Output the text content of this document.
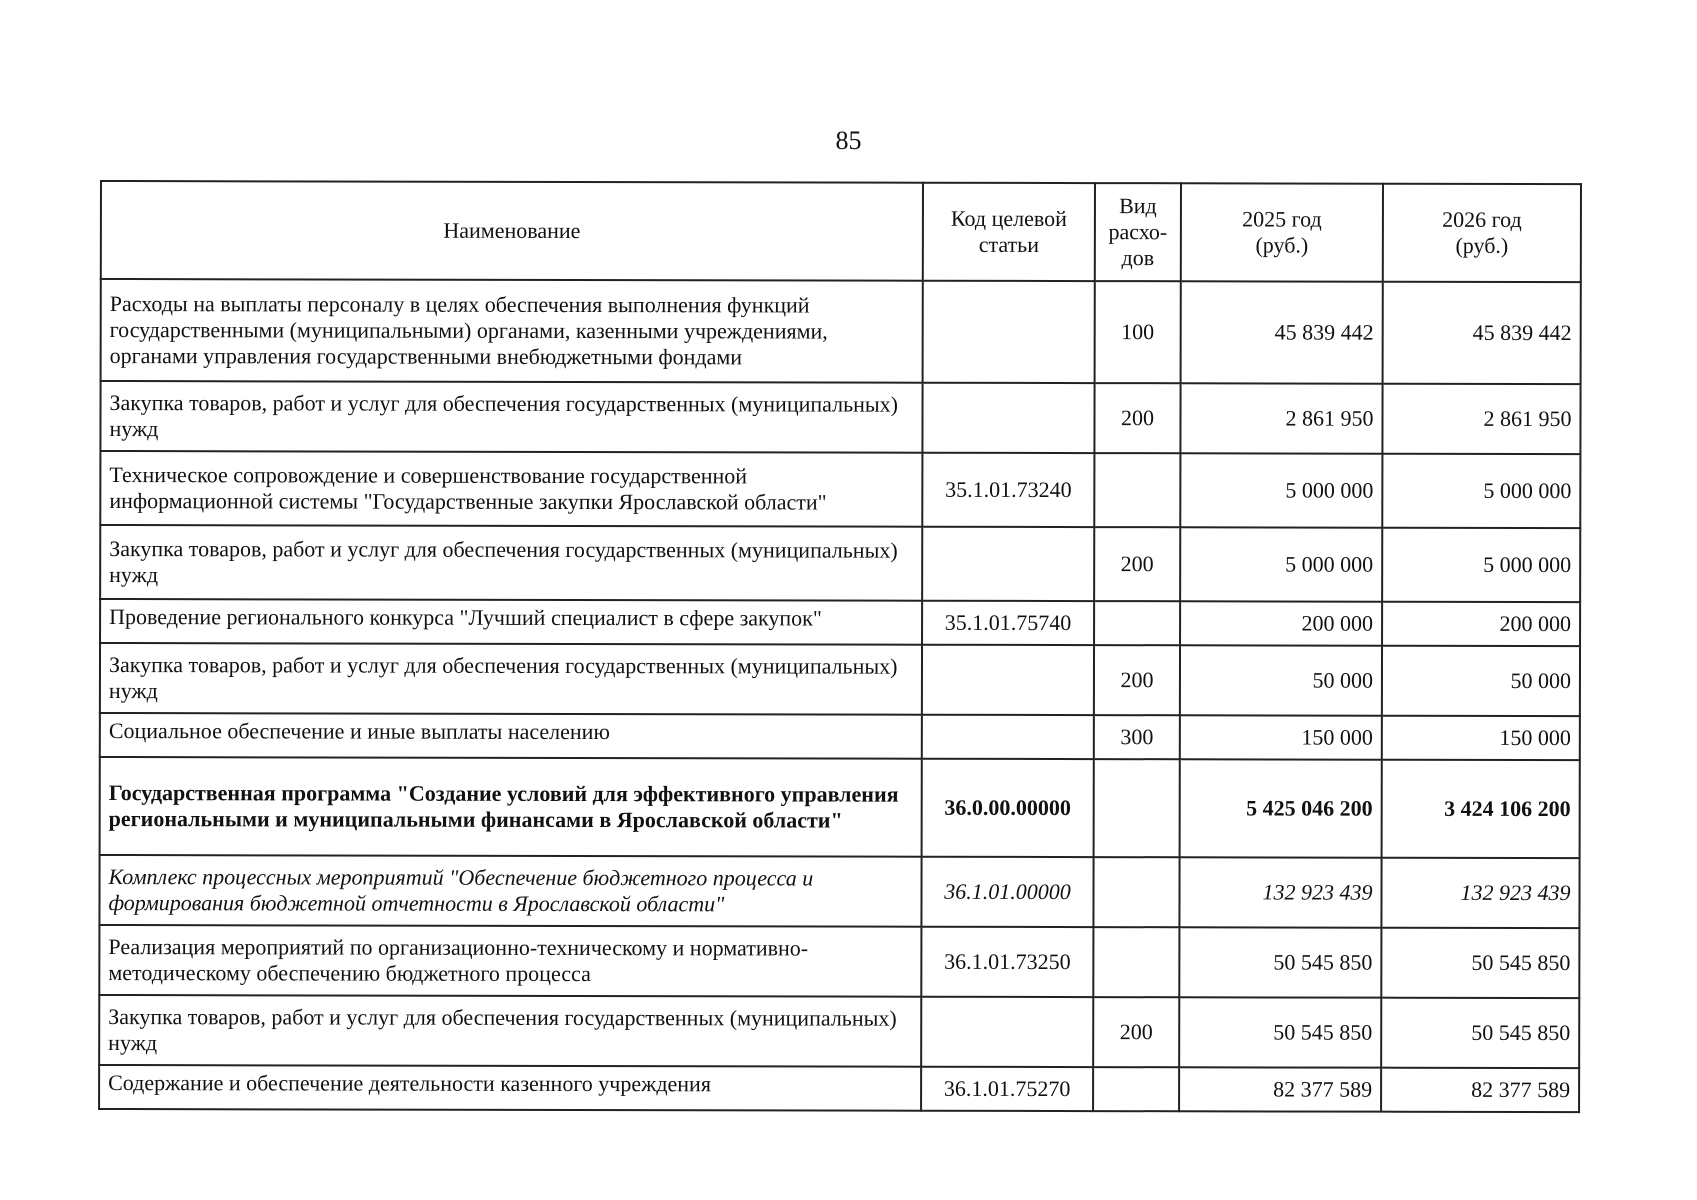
85
Наименование	Код целевой статьи	Вид расхо-дов	2025 год (руб.)	2026 год (руб.)
Расходы на выплаты персоналу в целях обеспечения выполнения функций государственными (муниципальными) органами, казенными учреждениями, органами управления государственными внебюджетными фондами		100	45 839 442	45 839 442
Закупка товаров, работ и услуг для обеспечения государственных (муниципальных) нужд		200	2 861 950	2 861 950
Техническое сопровождение и совершенствование государственной информационной системы "Государственные закупки Ярославской области"	35.1.01.73240		5 000 000	5 000 000
Закупка товаров, работ и услуг для обеспечения государственных (муниципальных) нужд		200	5 000 000	5 000 000
Проведение регионального конкурса "Лучший специалист в сфере закупок"	35.1.01.75740		200 000	200 000
Закупка товаров, работ и услуг для обеспечения государственных (муниципальных) нужд		200	50 000	50 000
Социальное обеспечение и иные выплаты населению		300	150 000	150 000
Государственная программа "Создание условий для эффективного управления региональными и муниципальными финансами в Ярославской области"	36.0.00.00000		5 425 046 200	3 424 106 200
Комплекс процессных мероприятий "Обеспечение бюджетного процесса и формирования бюджетной отчетности в Ярославской области"	36.1.01.00000		132 923 439	132 923 439
Реализация мероприятий по организационно-техническому и нормативно-методическому обеспечению бюджетного процесса	36.1.01.73250		50 545 850	50 545 850
Закупка товаров, работ и услуг для обеспечения государственных (муниципальных) нужд		200	50 545 850	50 545 850
Содержание и обеспечение деятельности казенного учреждения	36.1.01.75270		82 377 589	82 377 589
